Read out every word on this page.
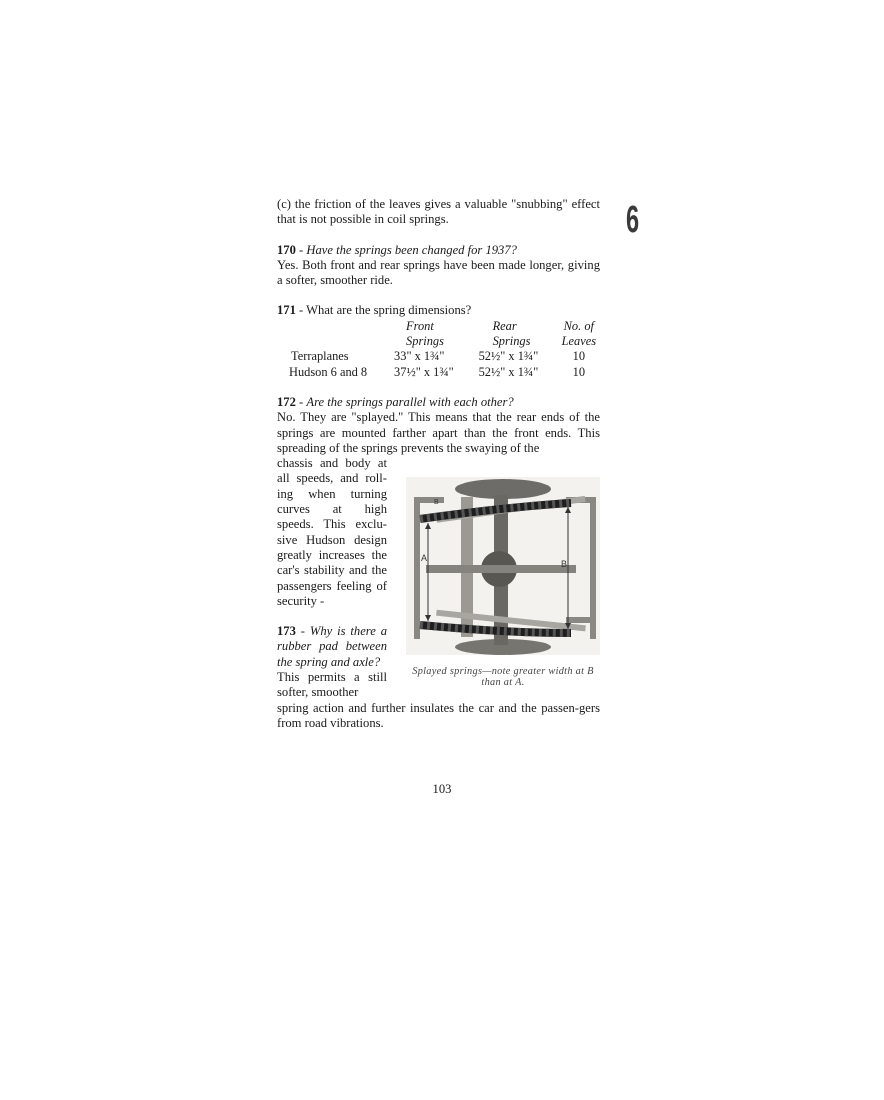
6

(c) the friction of the leaves gives a valuable "snubbing" effect that is not possible in coil springs.

170 - Have the springs been changed for 1937?

Yes. Both front and rear springs have been made longer, giving a softer, smoother ride.

171 - What are the spring dimensions?

	Front	Rear	No. of
	Springs	Springs	Leaves
Terraplanes	33" x 1¾"	52½" x 1¾"	10
Hudson 6 and 8	37½" x 1¾"	52½" x 1¾"	10

172 - Are the springs parallel with each other?

No. They are "splayed." This means that the rear ends of the springs are mounted farther apart than the front ends. This spreading of the springs prevents the swaying of the

chassis and body at all speeds, and roll-ing when turning curves at high speeds. This exclu-sive Hudson design greatly increases the car's stability and the passengers feeling of security -

173 - Why is there a rubber pad between the spring and axle?

This permits a still softer, smoother

spring action and further insulates the car and the passen-gers from road vibrations.

A
B
B
Splayed springs—note greater width at B than at A.
103
